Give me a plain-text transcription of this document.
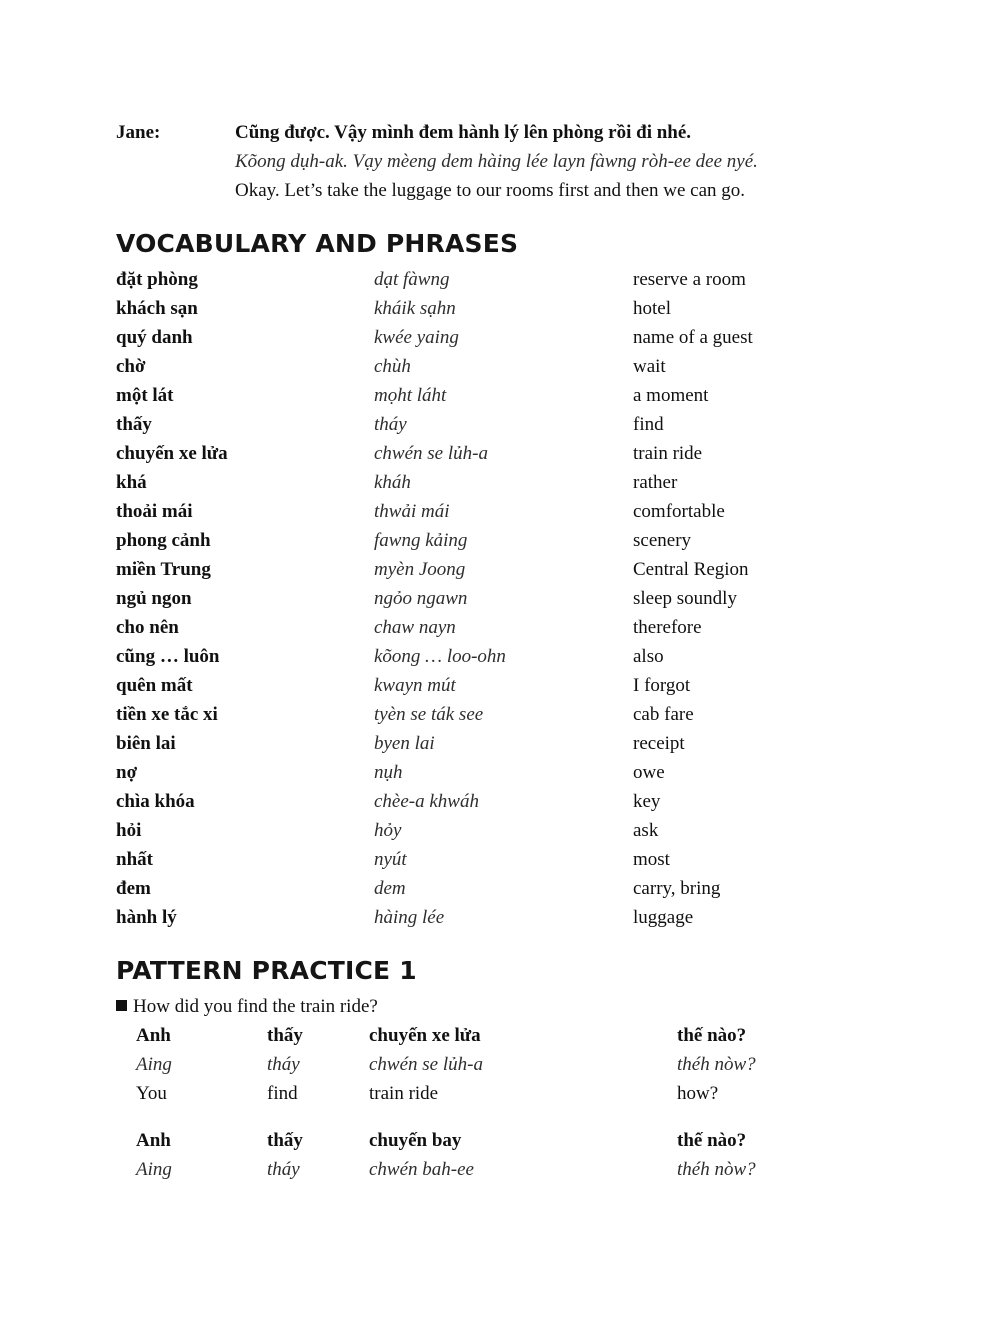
Jane:	Cũng được. Vậy mình đem hành lý lên phòng rồi đi nhé.
Kõong dụh-ak. Vạy mèeng dem hàing lée layn fàwng ròh-ee dee nyé.
Okay. Let’s take the luggage to our rooms first and then we can go.
VOCABULARY AND PHRASES
đặt phòng	dạt fàwng	reserve a room
khách sạn	kháik sạhn	hotel
quý danh	kwée yaing	name of a guest
chờ	chùh	wait
một lát	mọht láht	a moment
thấy	tháy	find
chuyến xe lửa	chwén se lủh-a	train ride
khá	kháh	rather
thoải mái	thwải mái	comfortable
phong cảnh	fawng kảing	scenery
miền Trung	myèn Joong	Central Region
ngủ ngon	ngỏo ngawn	sleep soundly
cho nên	chaw nayn	therefore
cũng … luôn	kõong … loo-ohn	also
quên mất	kwayn mút	I forgot
tiền xe tắc xi	tyèn se ták see	cab fare
biên lai	byen lai	receipt
nợ	nụh	owe
chìa khóa	chèe-a khwáh	key
hỏi	hỏy	ask
nhất	nyút	most
đem	dem	carry, bring
hành lý	hàing lée	luggage
PATTERN PRACTICE 1
How did you find the train ride?
Anh	thấy	chuyến xe lửa	thế nào?
Aing	tháy	chwén se lủh-a	théh nòw?
You	find	train ride	how?
Anh	thấy	chuyến bay	thế nào?
Aing	tháy	chwén bah-ee	théh nòw?
